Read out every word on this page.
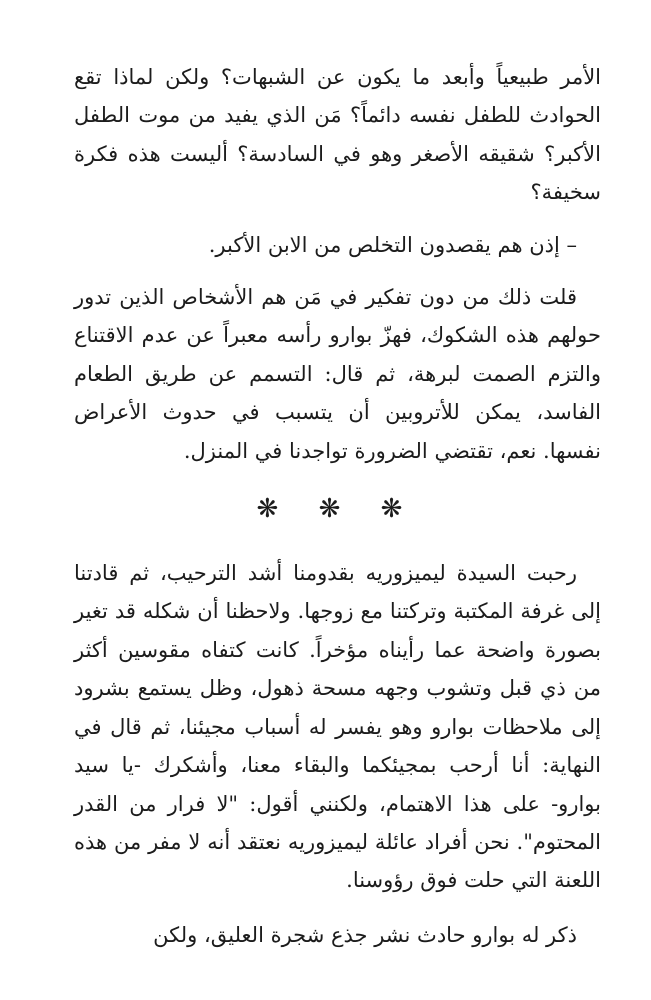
الأمر طبيعياً وأبعد ما يكون عن الشبهات؟ ولكن لماذا تقع الحوادث للطفل نفسه دائماً؟ مَن الذي يفيد من موت الطفل الأكبر؟ شقيقه الأصغر وهو في السادسة؟ أليست هذه فكرة سخيفة؟

– إذن هم يقصدون التخلص من الابن الأكبر.

قلت ذلك من دون تفكير في مَن هم الأشخاص الذين تدور حولهم هذه الشكوك، فهزّ بوارو رأسه معبراً عن عدم الاقتناع والتزم الصمت لبرهة، ثم قال: التسمم عن طريق الطعام الفاسد، يمكن للأتروبين أن يتسبب في حدوث الأعراض نفسها. نعم، تقتضي الضرورة تواجدنا في المنزل.

❋ ❋ ❋

رحبت السيدة ليميزوريه بقدومنا أشد الترحيب، ثم قادتنا إلى غرفة المكتبة وتركتنا مع زوجها. ولاحظنا أن شكله قد تغير بصورة واضحة عما رأيناه مؤخراً. كانت كتفاه مقوسين أكثر من ذي قبل وتشوب وجهه مسحة ذهول، وظل يستمع بشرود إلى ملاحظات بوارو وهو يفسر له أسباب مجيئنا، ثم قال في النهاية: أنا أرحب بمجيئكما والبقاء معنا، وأشكرك -يا سيد بوارو- على هذا الاهتمام، ولكنني أقول: "لا فرار من القدر المحتوم". نحن أفراد عائلة ليميزوريه نعتقد أنه لا مفر من هذه اللعنة التي حلت فوق رؤوسنا.

ذكر له بوارو حادث نشر جذع شجرة العليق، ولكن
